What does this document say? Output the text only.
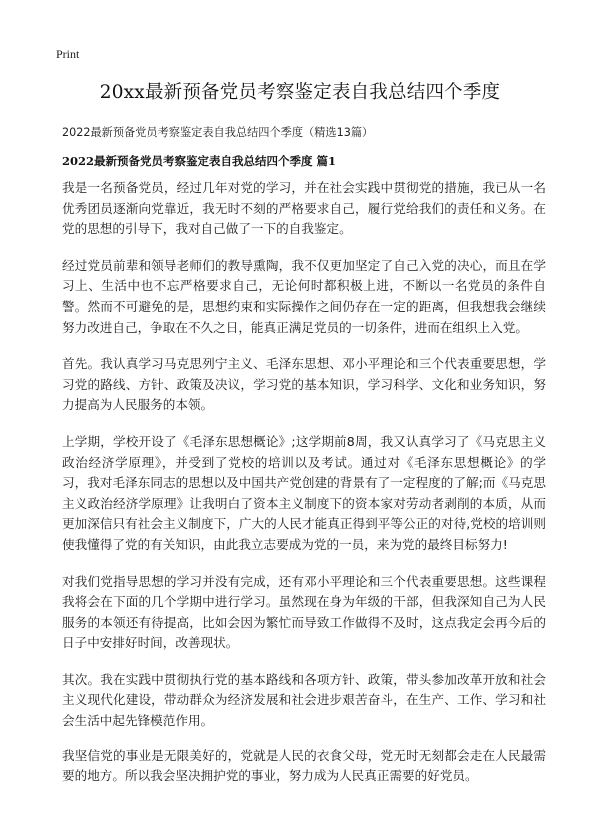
Print
20xx最新预备党员考察鉴定表自我总结四个季度
2022最新预备党员考察鉴定表自我总结四个季度（精选13篇）
2022最新预备党员考察鉴定表自我总结四个季度 篇1

我是一名预备党员，经过几年对党的学习，并在社会实践中贯彻党的措施，我已从一名优秀团员逐渐向党靠近，我无时不刻的严格要求自己，履行党给我们的责任和义务。在党的思想的引导下，我对自己做了一下的自我鉴定。

经过党员前辈和领导老师们的教导熏陶，我不仅更加坚定了自己入党的决心，而且在学习上、生活中也不忘严格要求自己，无论何时都积极上进，不断以一名党员的条件自警。然而不可避免的是，思想约束和实际操作之间仍存在一定的距离，但我想我会继续努力改进自己，争取在不久之日，能真正满足党员的一切条件，进而在组织上入党。

首先。我认真学习马克思列宁主义、毛泽东思想、邓小平理论和三个代表重要思想，学习党的路线、方针、政策及决议，学习党的基本知识，学习科学、文化和业务知识，努力提高为人民服务的本领。

上学期，学校开设了《毛泽东思想概论》;这学期前8周，我又认真学习了《马克思主义政治经济学原理》，并受到了党校的培训以及考试。通过对《毛泽东思想概论》的学习，我对毛泽东同志的思想以及中国共产党创建的背景有了一定程度的了解;而《马克思主义政治经济学原理》让我明白了资本主义制度下的资本家对劳动者剥削的本质，从而更加深信只有社会主义制度下，广大的人民才能真正得到平等公正的对待,党校的培训则使我懂得了党的有关知识，由此我立志要成为党的一员，来为党的最终目标努力!

对我们党指导思想的学习并没有完成，还有邓小平理论和三个代表重要思想。这些课程我将会在下面的几个学期中进行学习。虽然现在身为年级的干部，但我深知自己为人民服务的本领还有待提高，比如会因为繁忙而导致工作做得不及时，这点我定会再今后的日子中安排好时间，改善现状。

其次。我在实践中贯彻执行党的基本路线和各项方针、政策，带头参加改革开放和社会主义现代化建设，带动群众为经济发展和社会进步艰苦奋斗，在生产、工作、学习和社会生活中起先锋模范作用。

我坚信党的事业是无限美好的，党就是人民的衣食父母，党无时无刻都会走在人民最需要的地方。所以我会坚决拥护党的事业，努力成为人民真正需要的好党员。
